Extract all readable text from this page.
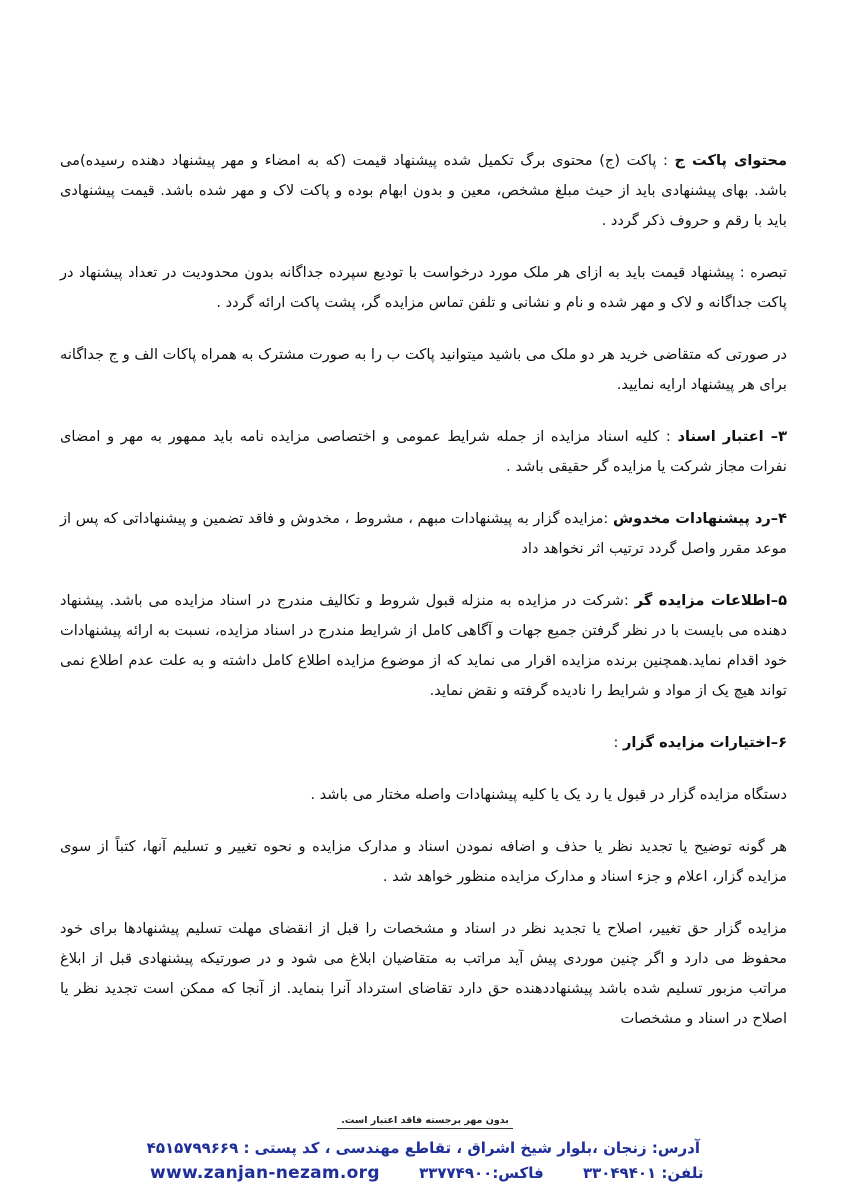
محتوای پاکت ج : پاکت (ج) محتوی برگ تکمیل شده پیشنهاد قیمت (که به امضاء و مهر پیشنهاد دهنده رسیده)می باشد. بهای پیشنهادی باید از حیث مبلغ مشخص، معین و بدون ابهام بوده و پاکت لاک و مهر شده باشد. قیمت پیشنهادی باید با رقم و حروف ذکر گردد .

تبصره : پیشنهاد قیمت باید به ازای هر ملک مورد درخواست با تودیع سپرده جداگانه بدون محدودیت در تعداد پیشنهاد در پاکت جداگانه و لاک و مهر شده و نام و نشانی و تلفن تماس مزایده گر، پشت پاکت ارائه گردد .

در صورتی که متقاضی خرید هر دو ملک می باشید میتوانید پاکت ب را به صورت مشترک به همراه پاکات الف و ج جداگانه برای هر پیشنهاد ارایه نمایید.

۳– اعتبار اسناد : کلیه اسناد مزایده از جمله شرایط عمومی و اختصاصی مزایده نامه باید ممهور به مهر و امضای نفرات مجاز شرکت یا مزایده گر حقیقی باشد .

۴–رد پیشنهادات مخدوش :مزایده گزار به پیشنهادات مبهم ، مشروط ، مخدوش و فاقد تضمین و پیشنهاداتی که پس از موعد مقرر واصل گردد ترتیب اثر نخواهد داد

۵–اطلاعات مزایده گر :شرکت در مزایده به منزله قبول شروط و تکالیف مندرج در اسناد مزایده می باشد. پیشنهاد دهنده می بایست با در نظر گرفتن جمیع جهات و آگاهی کامل از شرایط مندرج در اسناد مزایده، نسبت به ارائه پیشنهادات خود اقدام نماید.همچنین برنده مزایده اقرار می نماید که از موضوع مزایده اطلاع کامل داشته و به علت عدم اطلاع نمی تواند هیچ یک از مواد و شرایط را نادیده گرفته و نقض نماید.

۶–اختیارات مزایده گزار :

دستگاه مزایده گزار در قبول یا رد یک یا کلیه پیشنهادات واصله مختار می باشد .

هر گونه توضیح یا تجدید نظر یا حذف و اضافه نمودن اسناد و مدارک مزایده و نحوه تغییر و تسلیم آنها، کتباً از سوی مزایده گزار، اعلام و جزء اسناد و مدارک مزایده منظور خواهد شد .

مزایده گزار حق تغییر، اصلاح یا تجدید نظر در اسناد و مشخصات را قبل از انقضای مهلت تسلیم پیشنهادها برای خود محفوظ می دارد و اگر چنین موردی پیش آید مراتب به متقاضیان ابلاغ می شود و در صورتیکه پیشنهادی قبل از ابلاغ مراتب مزبور تسلیم شده باشد پیشنهاددهنده حق دارد تقاضای استرداد آنرا بنماید. از آنجا که ممکن است تجدید نظر یا اصلاح در اسناد و مشخصات

بدون مهر برجسته فاقد اعتبار است.
آدرس: زنجان ،بلوار شیخ اشراق ، تقاطع مهندسی ، کد پستی : ۴۵۱۵۷۹۹۶۶۹
www.zanjan-nezam.org	فاکس:۳۳۷۷۴۹۰۰	تلفن: ۳۳۰۴۹۴۰۱
